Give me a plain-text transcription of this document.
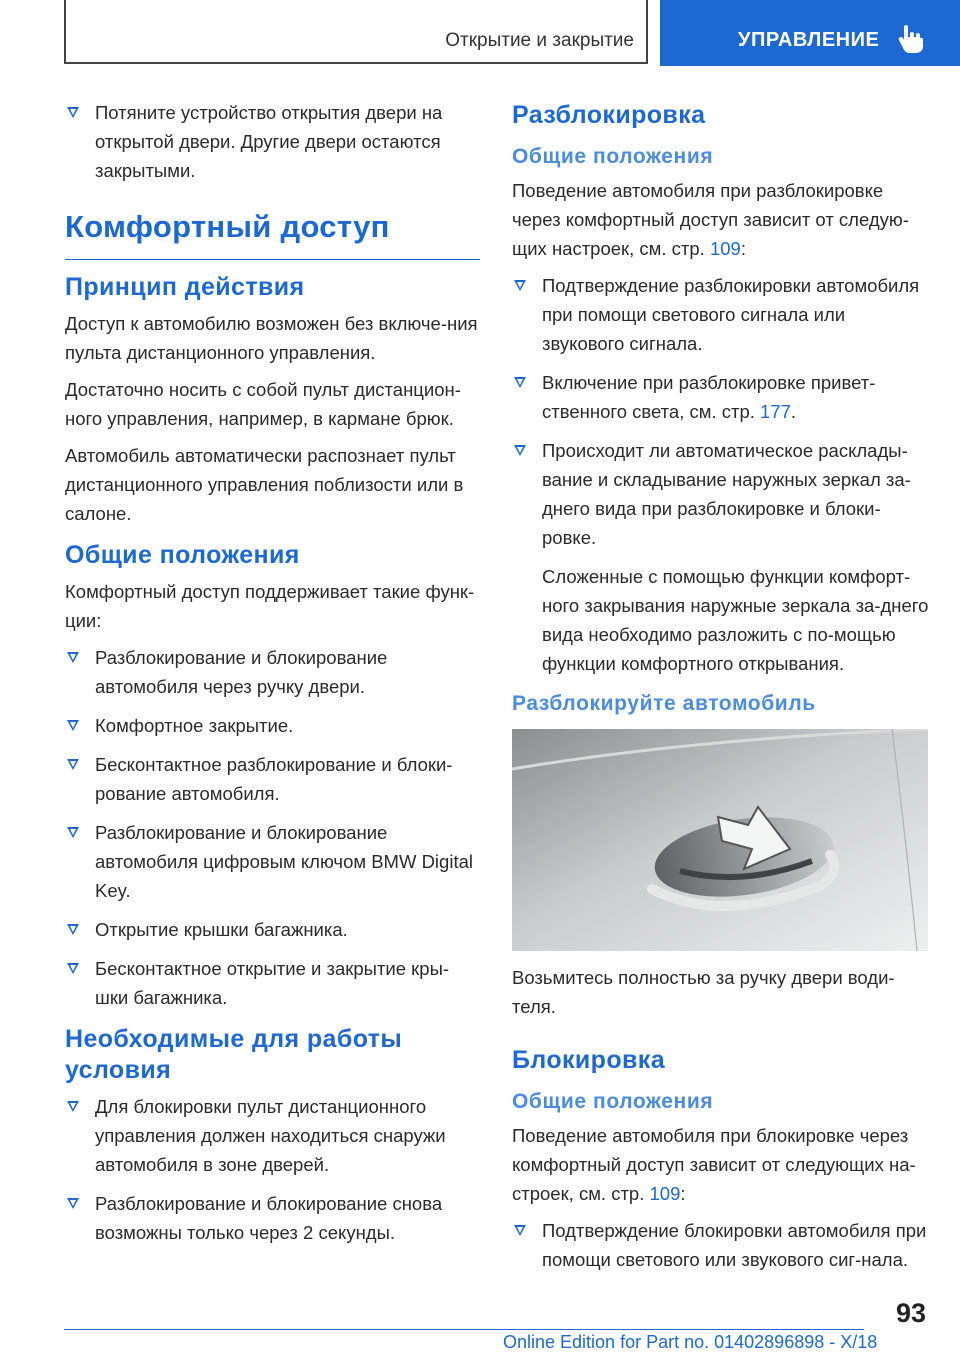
Открытие и закрытие	УПРАВЛЕНИЕ
Потяните устройство открытия двери на открытой двери. Другие двери остаются закрытыми.
Комфортный доступ
Принцип действия

Доступ к автомобилю возможен без включе-ния пульта дистанционного управления.

Достаточно носить с собой пульт дистанцион-ного управления, например, в кармане брюк.

Автомобиль автоматически распознает пульт дистанционного управления поблизости или в салоне.

Общие положения

Комфортный доступ поддерживает такие функ-ции:

Разблокирование и блокирование автомобиля через ручку двери.
Комфортное закрытие.
Бесконтактное разблокирование и блоки-рование автомобиля.
Разблокирование и блокирование автомобиля цифровым ключом BMW Digital Key.
Открытие крышки багажника.
Бесконтактное открытие и закрытие кры-шки багажника.
Необходимые для работы условия
Для блокировки пульт дистанционного управления должен находиться снаружи автомобиля в зоне дверей.
Разблокирование и блокирование снова возможны только через 2 секунды.
Разблокировка
Общие положения

Поведение автомобиля при разблокировке через комфортный доступ зависит от следую-щих настроек, см. стр. 109:

Подтверждение разблокировки автомобиля при помощи светового сигнала или звукового сигнала.
Включение при разблокировке привет-ственного света, см. стр. 177.
Происходит ли автоматическое расклады-вание и складывание наружных зеркал за-днего вида при разблокировке и блоки-ровке.

Сложенные с помощью функции комфорт-ного закрывания наружные зеркала за-днего вида необходимо разложить с по-мощью функции комфортного открывания.

Разблокируйте автомобиль

Возьмитесь полностью за ручку двери води-теля.

Блокировка
Общие положения

Поведение автомобиля при блокировке через комфортный доступ зависит от следующих на-строек, см. стр. 109:

Подтверждение блокировки автомобиля при помощи светового или звукового сиг-нала.
93
Online Edition for Part no. 01402896898 - X/18
